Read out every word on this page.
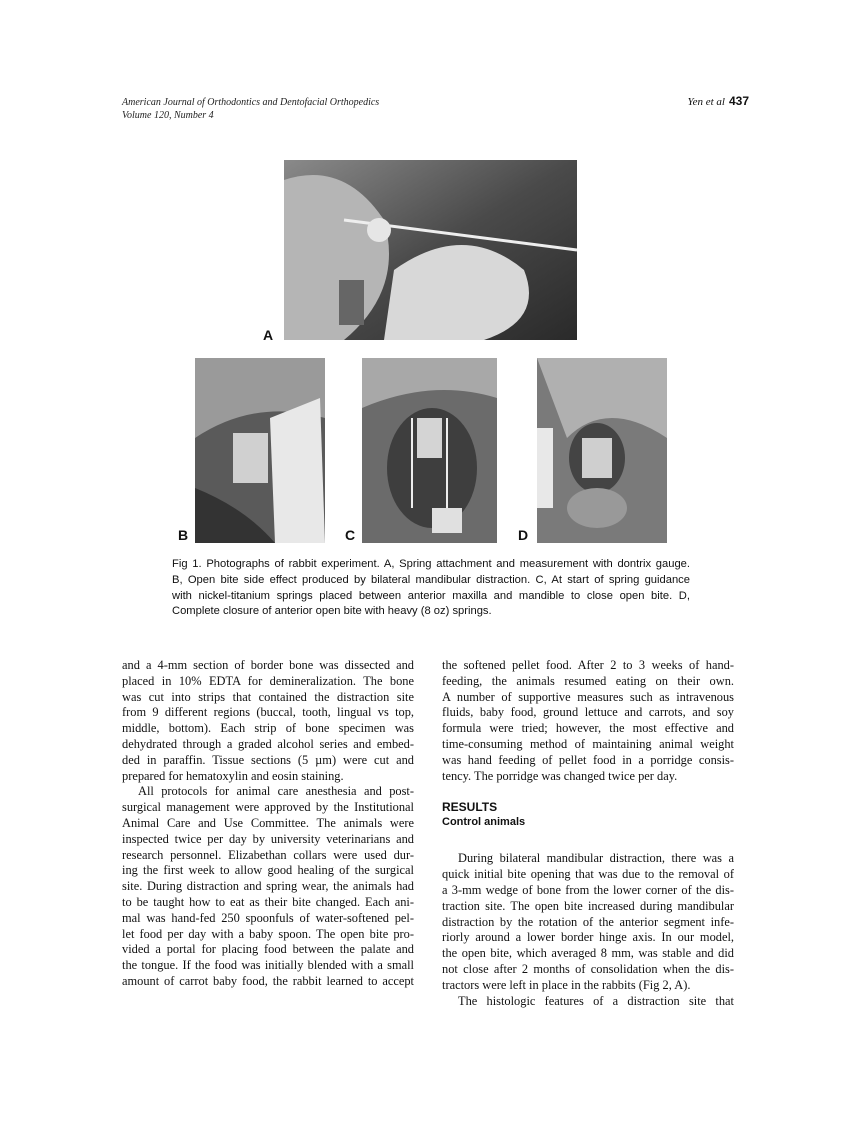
American Journal of Orthodontics and Dentofacial Orthopedics
Volume 120, Number 4
Yen et al 437
A
B	C	D
Fig 1. Photographs of rabbit experiment. A, Spring attachment and measurement with dontrix gauge.
B, Open bite side effect produced by bilateral mandibular distraction. C, At start of spring guidance
with nickel-titanium springs placed between anterior maxilla and mandible to close open bite. D,
Complete closure of anterior open bite with heavy (8 oz) springs.
and a 4-mm section of border bone was dissected and
placed in 10% EDTA for demineralization. The bone
was cut into strips that contained the distraction site
from 9 different regions (buccal, tooth, lingual vs top,
middle, bottom). Each strip of bone specimen was
dehydrated through a graded alcohol series and embed-
ded in paraffin. Tissue sections (5 µm) were cut and
prepared for hematoxylin and eosin staining.
All protocols for animal care anesthesia and post-
surgical management were approved by the Institutional
Animal Care and Use Committee. The animals were
inspected twice per day by university veterinarians and
research personnel. Elizabethan collars were used dur-
ing the first week to allow good healing of the surgical
site. During distraction and spring wear, the animals had
to be taught how to eat as their bite changed. Each ani-
mal was hand-fed 250 spoonfuls of water-softened pel-
let food per day with a baby spoon. The open bite pro-
vided a portal for placing food between the palate and
the tongue. If the food was initially blended with a small
amount of carrot baby food, the rabbit learned to accept
the softened pellet food. After 2 to 3 weeks of hand-
feeding, the animals resumed eating on their own.
A number of supportive measures such as intravenous
fluids, baby food, ground lettuce and carrots, and soy
formula were tried; however, the most effective and
time-consuming method of maintaining animal weight
was hand feeding of pellet food in a porridge consis-
tency. The porridge was changed twice per day.
RESULTS
Control animals
During bilateral mandibular distraction, there was a
quick initial bite opening that was due to the removal of
a 3-mm wedge of bone from the lower corner of the dis-
traction site. The open bite increased during mandibular
distraction by the rotation of the anterior segment infe-
riorly around a lower border hinge axis. In our model,
the open bite, which averaged 8 mm, was stable and did
not close after 2 months of consolidation when the dis-
tractors were left in place in the rabbits (Fig 2, A).
The histologic features of a distraction site that
